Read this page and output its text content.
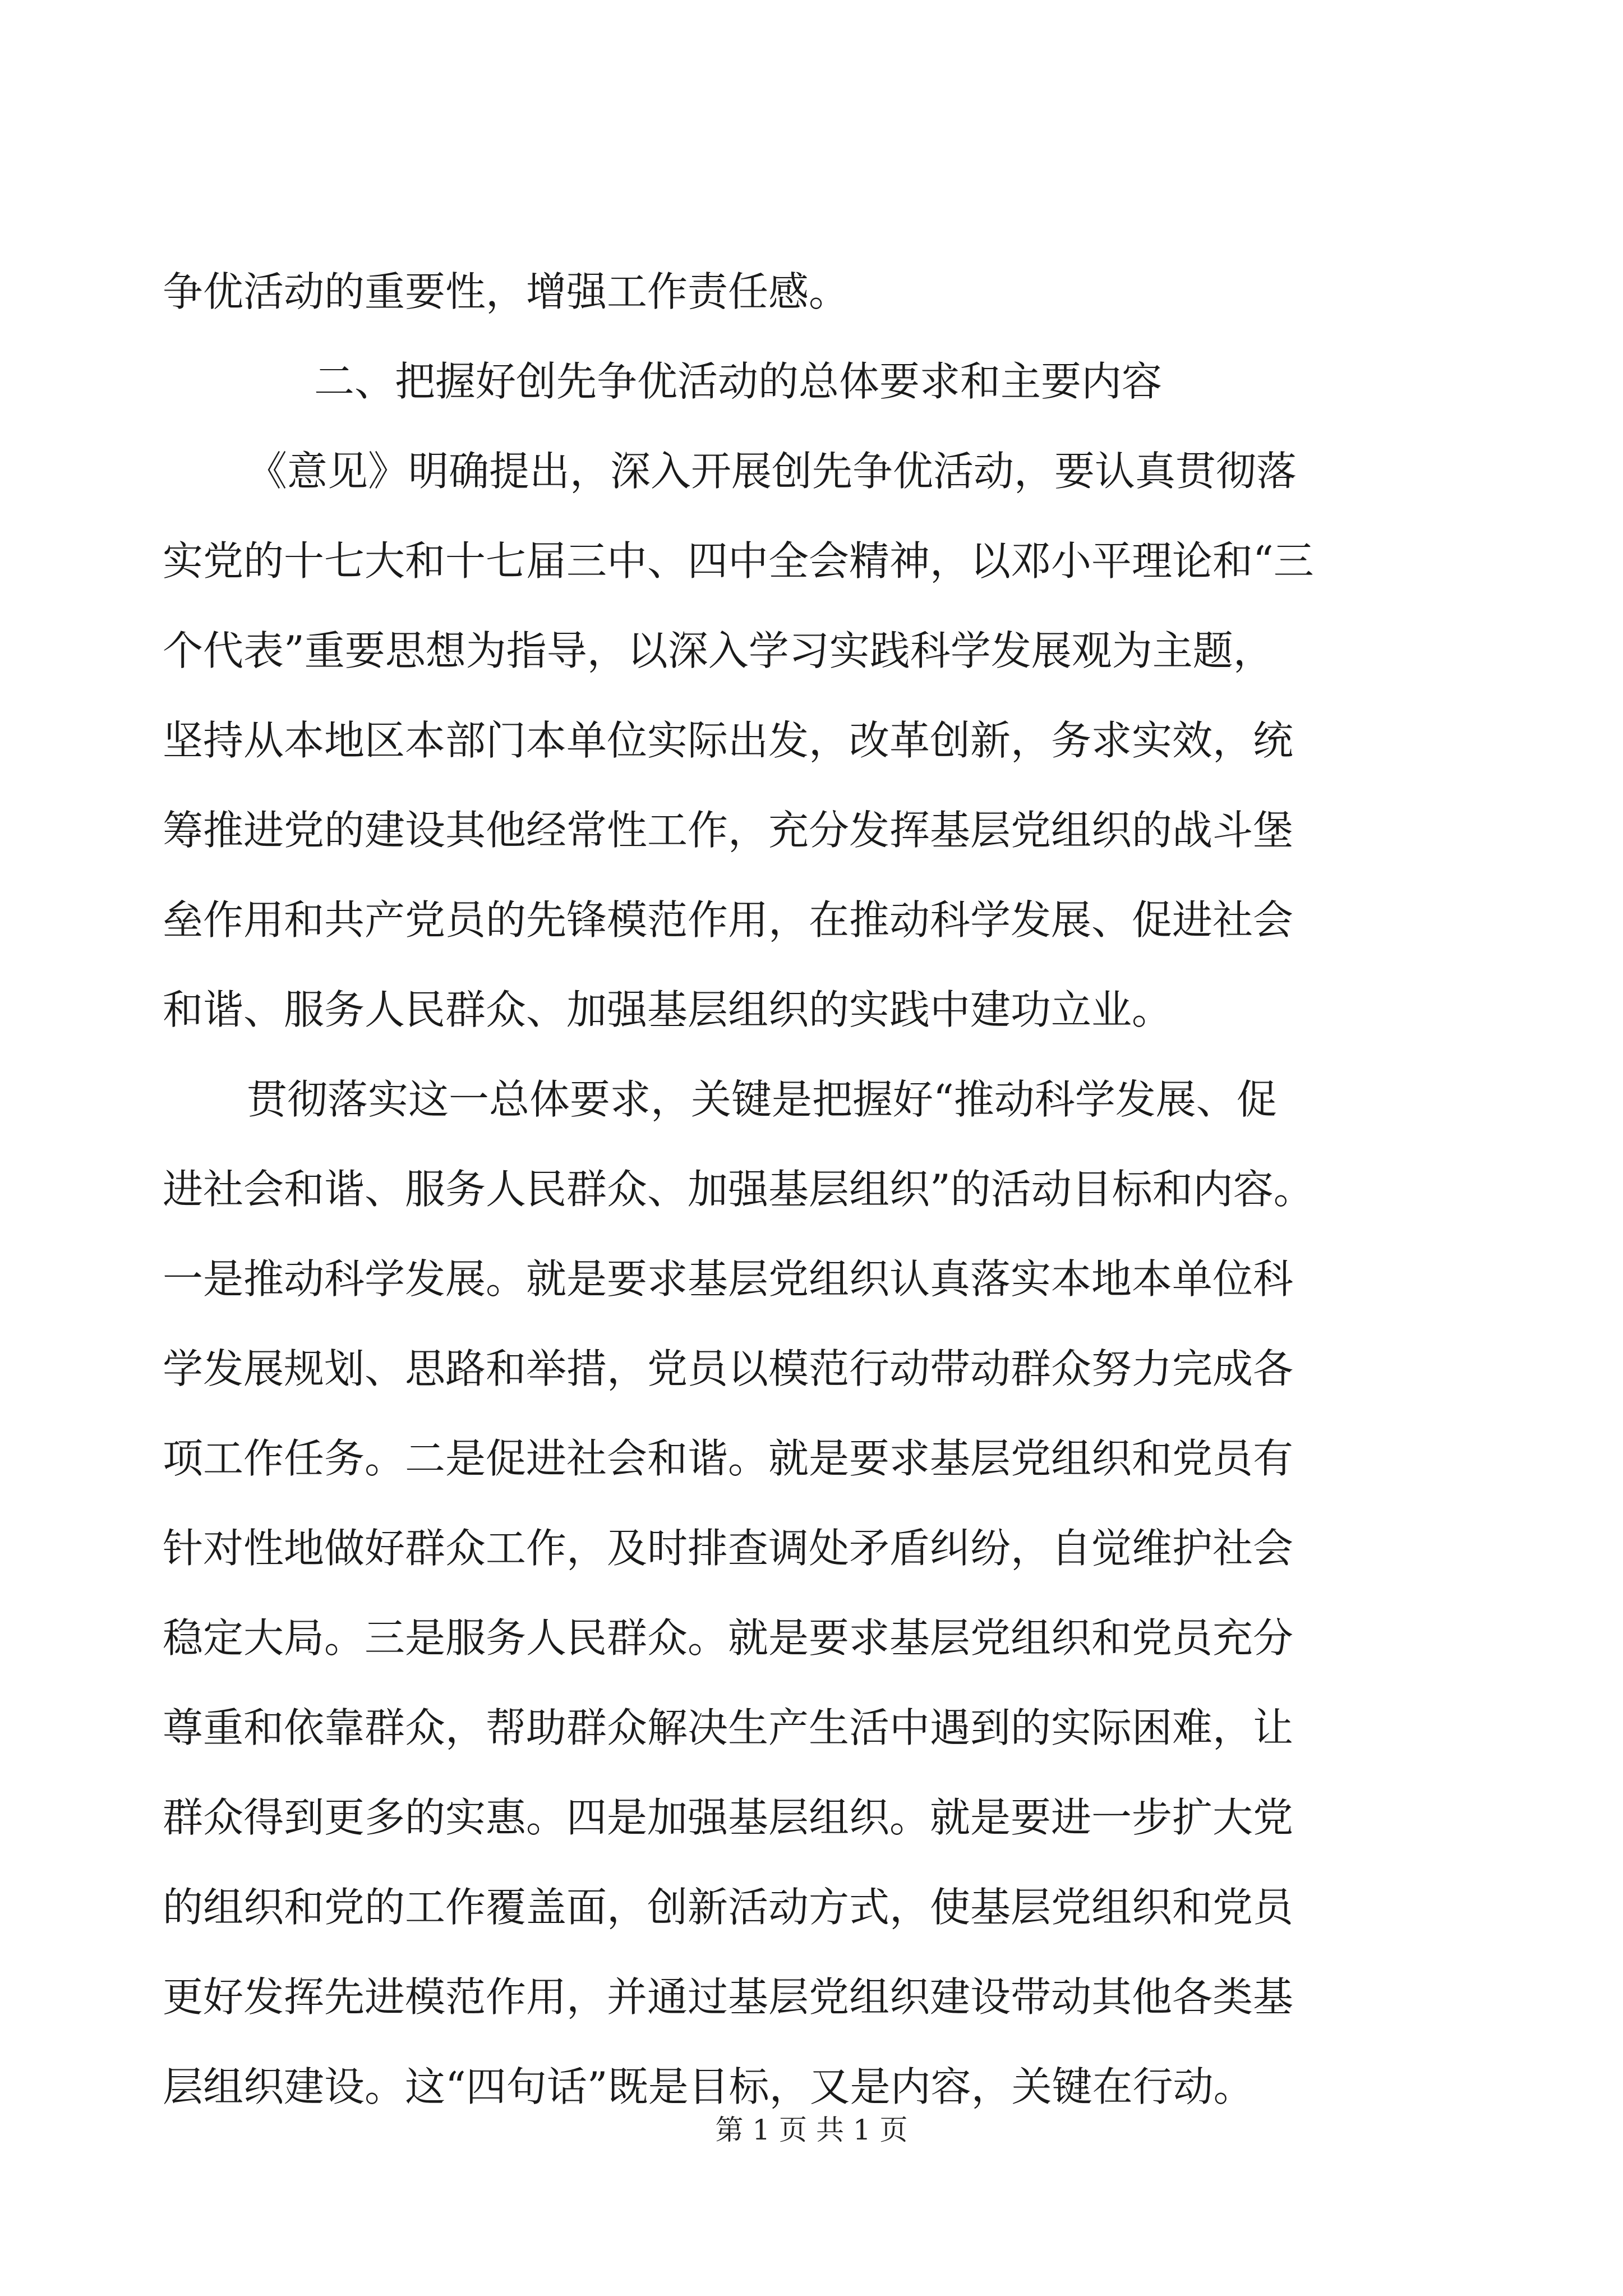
争优活动的重要性，增强工作责任感。
二、把握好创先争优活动的总体要求和主要内容
《意见》明确提出，深入开展创先争优活动，要认真贯彻落
实党的十七大和十七届三中、四中全会精神，以邓小平理论和“三
个代表”重要思想为指导，以深入学习实践科学发展观为主题，
坚持从本地区本部门本单位实际出发，改革创新，务求实效，统
筹推进党的建设其他经常性工作，充分发挥基层党组织的战斗堡
垒作用和共产党员的先锋模范作用，在推动科学发展、促进社会
和谐、服务人民群众、加强基层组织的实践中建功立业。
贯彻落实这一总体要求，关键是把握好“推动科学发展、促
进社会和谐、服务人民群众、加强基层组织”的活动目标和内容。
一是推动科学发展。就是要求基层党组织认真落实本地本单位科
学发展规划、思路和举措，党员以模范行动带动群众努力完成各
项工作任务。二是促进社会和谐。就是要求基层党组织和党员有
针对性地做好群众工作，及时排查调处矛盾纠纷，自觉维护社会
稳定大局。三是服务人民群众。就是要求基层党组织和党员充分
尊重和依靠群众，帮助群众解决生产生活中遇到的实际困难，让
群众得到更多的实惠。四是加强基层组织。就是要进一步扩大党
的组织和党的工作覆盖面，创新活动方式，使基层党组织和党员
更好发挥先进模范作用，并通过基层党组织建设带动其他各类基
层组织建设。这“四句话”既是目标，又是内容，关键在行动。
第 1 页 共 1 页
